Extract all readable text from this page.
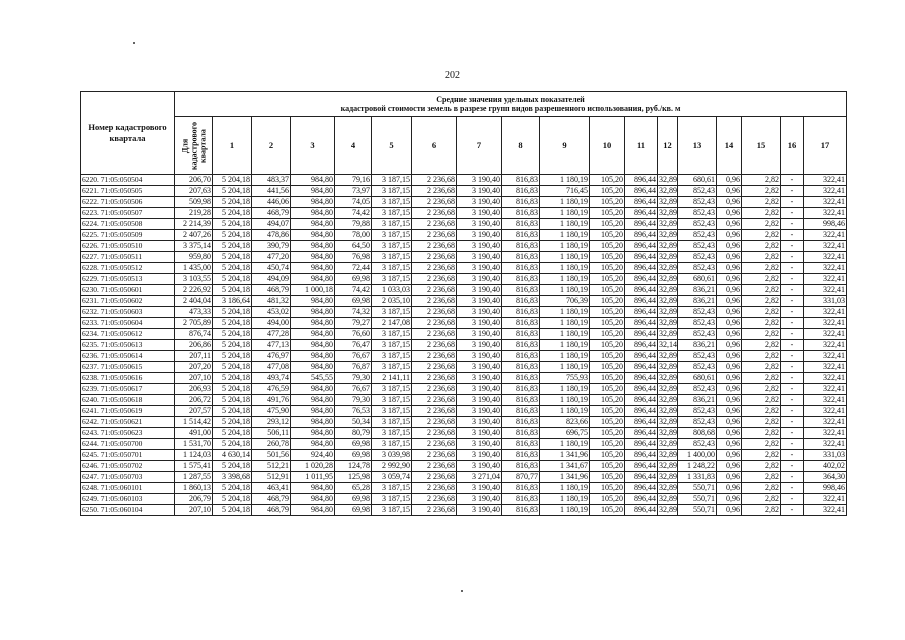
202
Номер кадастрового квартала	Средние значения удельных показателей
кадастровой стоимости земель в разрезе групп видов разрешенного использования, руб./кв. м																	

	Для кадастрового квартала	1	2	3	4	5	6	7	8	9	10	11	12	13	14	15	16	17
6220. 71:05:050504	206,70	5 204,18	483,37	984,80	79,16	3 187,15	2 236,68	3 190,40	816,83	1 180,19	105,20	896,44	32,89	680,61	0,96	2,82	-	322,41
6221. 71:05:050505	207,63	5 204,18	441,56	984,80	73,97	3 187,15	2 236,68	3 190,40	816,83	716,45	105,20	896,44	32,89	852,43	0,96	2,82	-	322,41
6222. 71:05:050506	509,98	5 204,18	446,06	984,80	74,05	3 187,15	2 236,68	3 190,40	816,83	1 180,19	105,20	896,44	32,89	852,43	0,96	2,82	-	322,41
6223. 71:05:050507	219,28	5 204,18	468,79	984,80	74,42	3 187,15	2 236,68	3 190,40	816,83	1 180,19	105,20	896,44	32,89	852,43	0,96	2,82	-	322,41
6224. 71:05:050508	2 214,39	5 204,18	494,07	984,80	79,88	3 187,15	2 236,68	3 190,40	816,83	1 180,19	105,20	896,44	32,89	852,43	0,96	2,82	-	998,46
6225. 71:05:050509	2 407,26	5 204,18	478,86	984,80	78,00	3 187,15	2 236,68	3 190,40	816,83	1 180,19	105,20	896,44	32,89	852,43	0,96	2,82	-	322,41
6226. 71:05:050510	3 375,14	5 204,18	390,79	984,80	64,50	3 187,15	2 236,68	3 190,40	816,83	1 180,19	105,20	896,44	32,89	852,43	0,96	2,82	-	322,41
6227. 71:05:050511	959,80	5 204,18	477,20	984,80	76,98	3 187,15	2 236,68	3 190,40	816,83	1 180,19	105,20	896,44	32,89	852,43	0,96	2,82	-	322,41
6228. 71:05:050512	1 435,00	5 204,18	450,74	984,80	72,44	3 187,15	2 236,68	3 190,40	816,83	1 180,19	105,20	896,44	32,89	852,43	0,96	2,82	-	322,41
6229. 71:05:050513	3 103,55	5 204,18	494,09	984,80	69,98	3 187,15	2 236,68	3 190,40	816,83	1 180,19	105,20	896,44	32,89	680,61	0,96	2,82	-	322,41
6230. 71:05:050601	2 226,92	5 204,18	468,79	1 000,18	74,42	1 033,03	2 236,68	3 190,40	816,83	1 180,19	105,20	896,44	32,89	836,21	0,96	2,82	-	322,41
6231. 71:05:050602	2 404,04	3 186,64	481,32	984,80	69,98	2 035,10	2 236,68	3 190,40	816,83	706,39	105,20	896,44	32,89	836,21	0,96	2,82	-	331,03
6232. 71:05:050603	473,33	5 204,18	453,02	984,80	74,32	3 187,15	2 236,68	3 190,40	816,83	1 180,19	105,20	896,44	32,89	852,43	0,96	2,82	-	322,41
6233. 71:05:050604	2 705,89	5 204,18	494,00	984,80	79,27	2 147,08	2 236,68	3 190,40	816,83	1 180,19	105,20	896,44	32,89	852,43	0,96	2,82	-	322,41
6234. 71:05:050612	876,74	5 204,18	477,28	984,80	76,60	3 187,15	2 236,68	3 190,40	816,83	1 180,19	105,20	896,44	32,89	852,43	0,96	2,82	-	322,41
6235. 71:05:050613	206,86	5 204,18	477,13	984,80	76,47	3 187,15	2 236,68	3 190,40	816,83	1 180,19	105,20	896,44	32,14	836,21	0,96	2,82	-	322,41
6236. 71:05:050614	207,11	5 204,18	476,97	984,80	76,67	3 187,15	2 236,68	3 190,40	816,83	1 180,19	105,20	896,44	32,89	852,43	0,96	2,82	-	322,41
6237. 71:05:050615	207,20	5 204,18	477,08	984,80	76,87	3 187,15	2 236,68	3 190,40	816,83	1 180,19	105,20	896,44	32,89	852,43	0,96	2,82	-	322,41
6238. 71:05:050616	207,10	5 204,18	493,74	545,55	79,30	2 141,11	2 236,68	3 190,40	816,83	755,93	105,20	896,44	32,89	680,61	0,96	2,82	-	322,41
6239. 71:05:050617	206,93	5 204,18	476,59	984,80	76,67	3 187,15	2 236,68	3 190,40	816,83	1 180,19	105,20	896,44	32,89	852,43	0,96	2,82	-	322,41
6240. 71:05:050618	206,72	5 204,18	491,76	984,80	79,30	3 187,15	2 236,68	3 190,40	816,83	1 180,19	105,20	896,44	32,89	836,21	0,96	2,82	-	322,41
6241. 71:05:050619	207,57	5 204,18	475,90	984,80	76,53	3 187,15	2 236,68	3 190,40	816,83	1 180,19	105,20	896,44	32,89	852,43	0,96	2,82	-	322,41
6242. 71:05:050621	1 514,42	5 204,18	293,12	984,80	50,34	3 187,15	2 236,68	3 190,40	816,83	823,66	105,20	896,44	32,89	852,43	0,96	2,82	-	322,41
6243. 71:05:050623	491,00	5 204,18	506,11	984,80	80,79	3 187,15	2 236,68	3 190,40	816,83	696,75	105,20	896,44	32,89	808,68	0,96	2,82	-	322,41
6244. 71:05:050700	1 531,70	5 204,18	260,78	984,80	69,98	3 187,15	2 236,68	3 190,40	816,83	1 180,19	105,20	896,44	32,89	852,43	0,96	2,82	-	322,41
6245. 71:05:050701	1 124,03	4 630,14	501,56	924,40	69,98	3 039,98	2 236,68	3 190,40	816,83	1 341,96	105,20	896,44	32,89	1 400,00	0,96	2,82	-	331,03
6246. 71:05:050702	1 575,41	5 204,18	512,21	1 020,28	124,78	2 992,90	2 236,68	3 190,40	816,83	1 341,67	105,20	896,44	32,89	1 248,22	0,96	2,82	-	402,02
6247. 71:05:050703	1 287,55	3 398,68	512,91	1 011,95	125,98	3 059,74	2 236,68	3 271,04	870,77	1 341,96	105,20	896,44	32,89	1 331,83	0,96	2,82	-	364,30
6248. 71:05:060101	1 860,13	5 204,18	463,41	984,80	65,28	3 187,15	2 236,68	3 190,40	816,83	1 180,19	105,20	896,44	32,89	550,71	0,96	2,82	-	998,46
6249. 71:05:060103	206,79	5 204,18	468,79	984,80	69,98	3 187,15	2 236,68	3 190,40	816,83	1 180,19	105,20	896,44	32,89	550,71	0,96	2,82	-	322,41
6250. 71:05:060104	207,10	5 204,18	468,79	984,80	69,98	3 187,15	2 236,68	3 190,40	816,83	1 180,19	105,20	896,44	32,89	550,71	0,96	2,82	-	322,41
